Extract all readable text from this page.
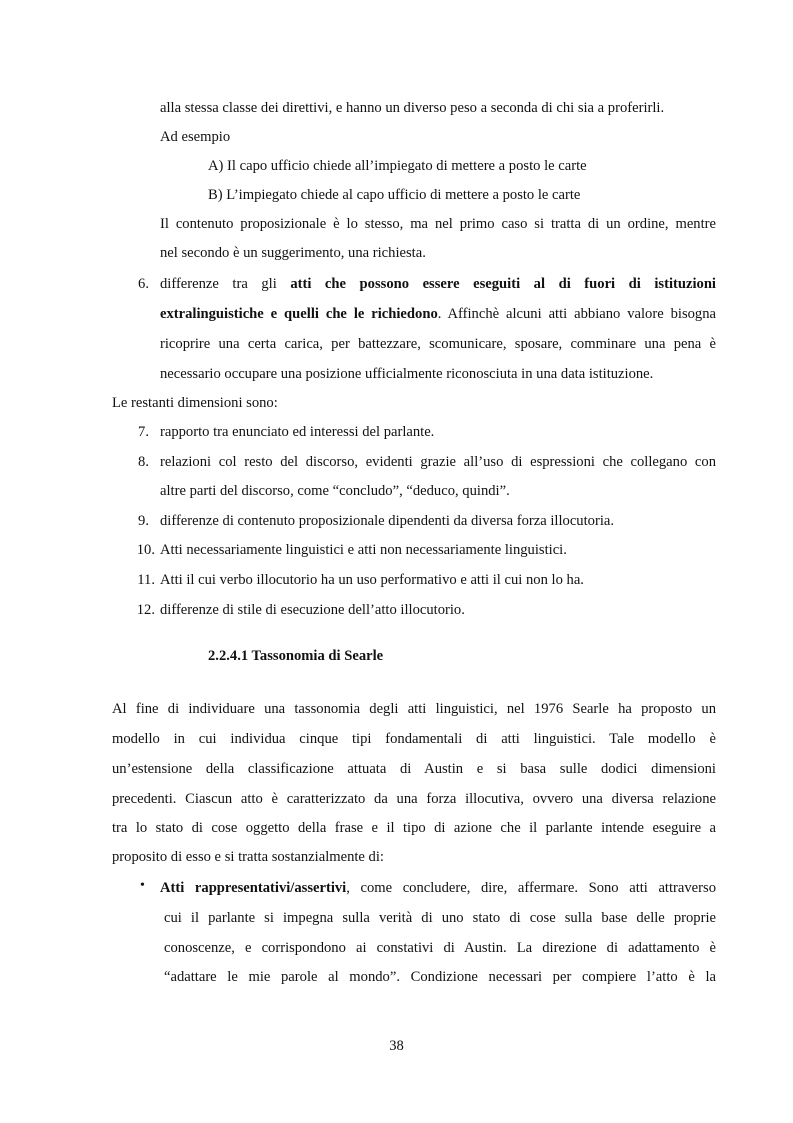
alla stessa classe dei direttivi, e hanno un diverso peso a seconda di chi sia a proferirli.
Ad esempio
A) Il capo ufficio chiede all’impiegato di mettere a posto le carte
B) L’impiegato chiede al capo ufficio di mettere a posto le carte
Il contenuto proposizionale è lo stesso, ma nel primo caso si tratta di un ordine, mentre
nel secondo è un suggerimento, una richiesta.
6. differenze tra gli atti che possono essere eseguiti al di fuori di istituzioni
extralinguistiche e quelli che le richiedono. Affinchè alcuni atti abbiano valore bisogna
ricoprire una certa carica, per battezzare, scomunicare, sposare, comminare una pena è
necessario occupare una posizione ufficialmente riconosciuta in una data istituzione.
Le restanti dimensioni sono:
7. rapporto tra enunciato ed interessi del parlante.
8. relazioni col resto del discorso, evidenti grazie all’uso di espressioni che collegano con
altre parti del discorso, come “concludo”, “deduco, quindi”.
9. differenze di contenuto proposizionale dipendenti da diversa forza illocutoria.
10. Atti necessariamente linguistici e atti non necessariamente linguistici.
11. Atti il cui verbo illocutorio ha un uso performativo e atti il cui non lo ha.
12. differenze di stile di esecuzione dell’atto illocutorio.
2.2.4.1 Tassonomia di Searle
Al fine di individuare una tassonomia degli atti linguistici, nel 1976 Searle ha proposto un
modello in cui individua cinque tipi fondamentali di atti linguistici. Tale modello è
un’estensione della classificazione attuata di Austin e si basa sulle dodici dimensioni
precedenti. Ciascun atto è caratterizzato da una forza illocutiva, ovvero una diversa relazione
tra lo stato di cose oggetto della frase e il tipo di azione che il parlante intende eseguire a
proposito di esso e si tratta sostanzialmente di:
• Atti rappresentativi/assertivi, come concludere, dire, affermare. Sono atti attraverso
cui il parlante si impegna sulla verità di uno stato di cose sulla base delle proprie
conoscenze, e corrispondono ai constativi di Austin. La direzione di adattamento è
“adattare le mie parole al mondo”. Condizione necessari per compiere l’atto è la
38
